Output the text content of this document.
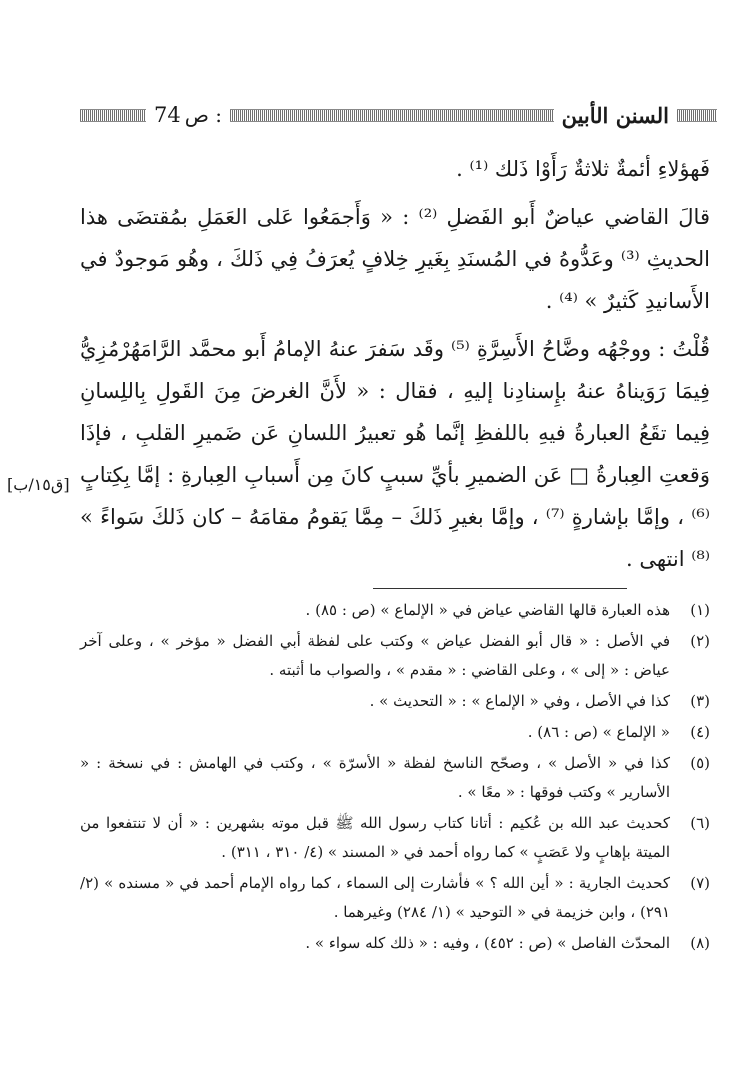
74 ص :	السنن الأبين

فَهؤلاءِ أئمةٌ ثلاثةٌ رَأَوْا ذَلك ⁽¹⁾ .

قالَ القاضي عياضٌ أَبو الفَضلِ ⁽²⁾ : « وَأَجمَعُوا عَلى العَمَلِ بمُقتضَى هذا الحديثِ ⁽³⁾ وعَدُّوهُ في المُسنَدِ بِغَيرِ خِلافٍ يُعرَفُ فِي ذَلكَ ، وهُو مَوجودٌ في الأَسانيدِ كَثيرٌ » ⁽⁴⁾ .

قُلْتُ : ووجْهُه وضَّاحُ الأَسِرَّةِ ⁽⁵⁾ وقَد سَفرَ عنهُ الإمامُ أَبو محمَّد الرَّامَهُرْمُزِيُّ فِيمَا رَوَيناهُ عنهُ بإِسنادِنا إليهِ ، فقال : « لأَنَّ الغرضَ مِنَ القَولِ بِاللِسانِ فِيما تقَعُ العبارةُ فيهِ باللفظِ إنَّما هُو تعبيرُ اللسانِ عَن ضَميرِ القلبِ ، فإذَا وَقعتِ العِبارةُ □ عَن الضميرِ بأيِّ سببٍ كانَ مِن أَسبابِ العِبارةِ : إمَّا بِكِتابٍ ⁽⁶⁾ ، وإمَّا بإشارةٍ ⁽⁷⁾ ، وإمَّا بغيرِ ذَلكَ – مِمَّا يَقومُ مقامَهُ – كان ذَلكَ سَواءً » ⁽⁸⁾ انتهى .

[ق١٥/ب]
(١)
هذه العبارة قالها القاضي عياض في « الإلماع » (ص : ٨٥) .
(٢)
في الأصل : « قال أبو الفضل عياض » وكتب على لفظة أبي الفضل « مؤخر » ، وعلى آخر عياض : « إلى » ، وعلى القاضي : « مقدم » ، والصواب ما أثبته .
(٣)
كذا في الأصل ، وفي « الإلماع » : « التحديث » .
(٤)
« الإلماع » (ص : ٨٦) .
(٥)
كذا في « الأصل » ، وصحّح الناسخ لفظة « الأسرّة » ، وكتب في الهامش : في نسخة : « الأسارير » وكتب فوقها : « معًا » .
(٦)
كحديث عبد الله بن عُكيم : أتانا كتاب رسول الله ﷺ قبل موته بشهرين : « أن لا تنتفعوا من الميتة بإهابٍ ولا عَصَبٍ » كما رواه أحمد في « المسند » (٤/ ٣١٠ ، ٣١١) .
(٧)
كحديث الجارية : « أين الله ؟ » فأشارت إلى السماء ، كما رواه الإمام أحمد في « مسنده » (٢/ ٢٩١) ، وابن خزيمة في « التوحيد » (١/ ٢٨٤) وغيرهما .
(٨)
المحدّث الفاصل » (ص : ٤٥٢) ، وفيه : « ذلك كله سواء » .
